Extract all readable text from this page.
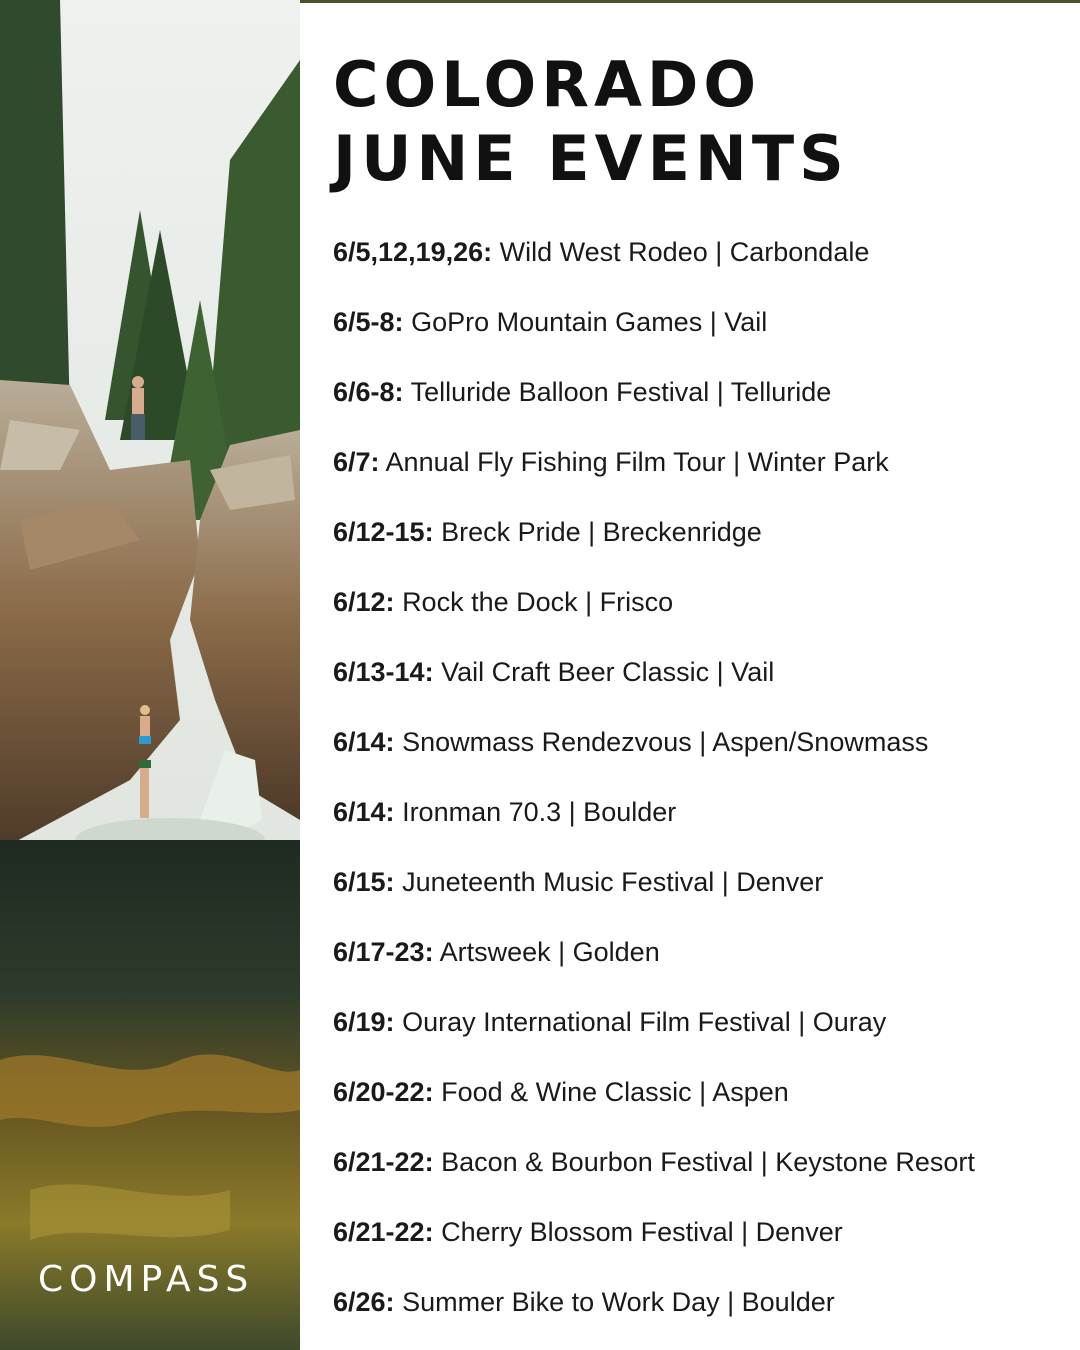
COMPASS
COLORADO
JUNE EVENTS
6/5,12,19,26: Wild West Rodeo | Carbondale
6/5-8: GoPro Mountain Games | Vail
6/6-8: Telluride Balloon Festival | Telluride
6/7: Annual Fly Fishing Film Tour | Winter Park
6/12-15: Breck Pride | Breckenridge
6/12: Rock the Dock | Frisco
6/13-14: Vail Craft Beer Classic | Vail
6/14: Snowmass Rendezvous | Aspen/Snowmass
6/14: Ironman 70.3 | Boulder
6/15: Juneteenth Music Festival | Denver
6/17-23: Artsweek | Golden
6/19: Ouray International Film Festival | Ouray
6/20-22: Food & Wine Classic | Aspen
6/21-22: Bacon & Bourbon Festival | Keystone Resort
6/21-22: Cherry Blossom Festival | Denver
6/26: Summer Bike to Work Day | Boulder
